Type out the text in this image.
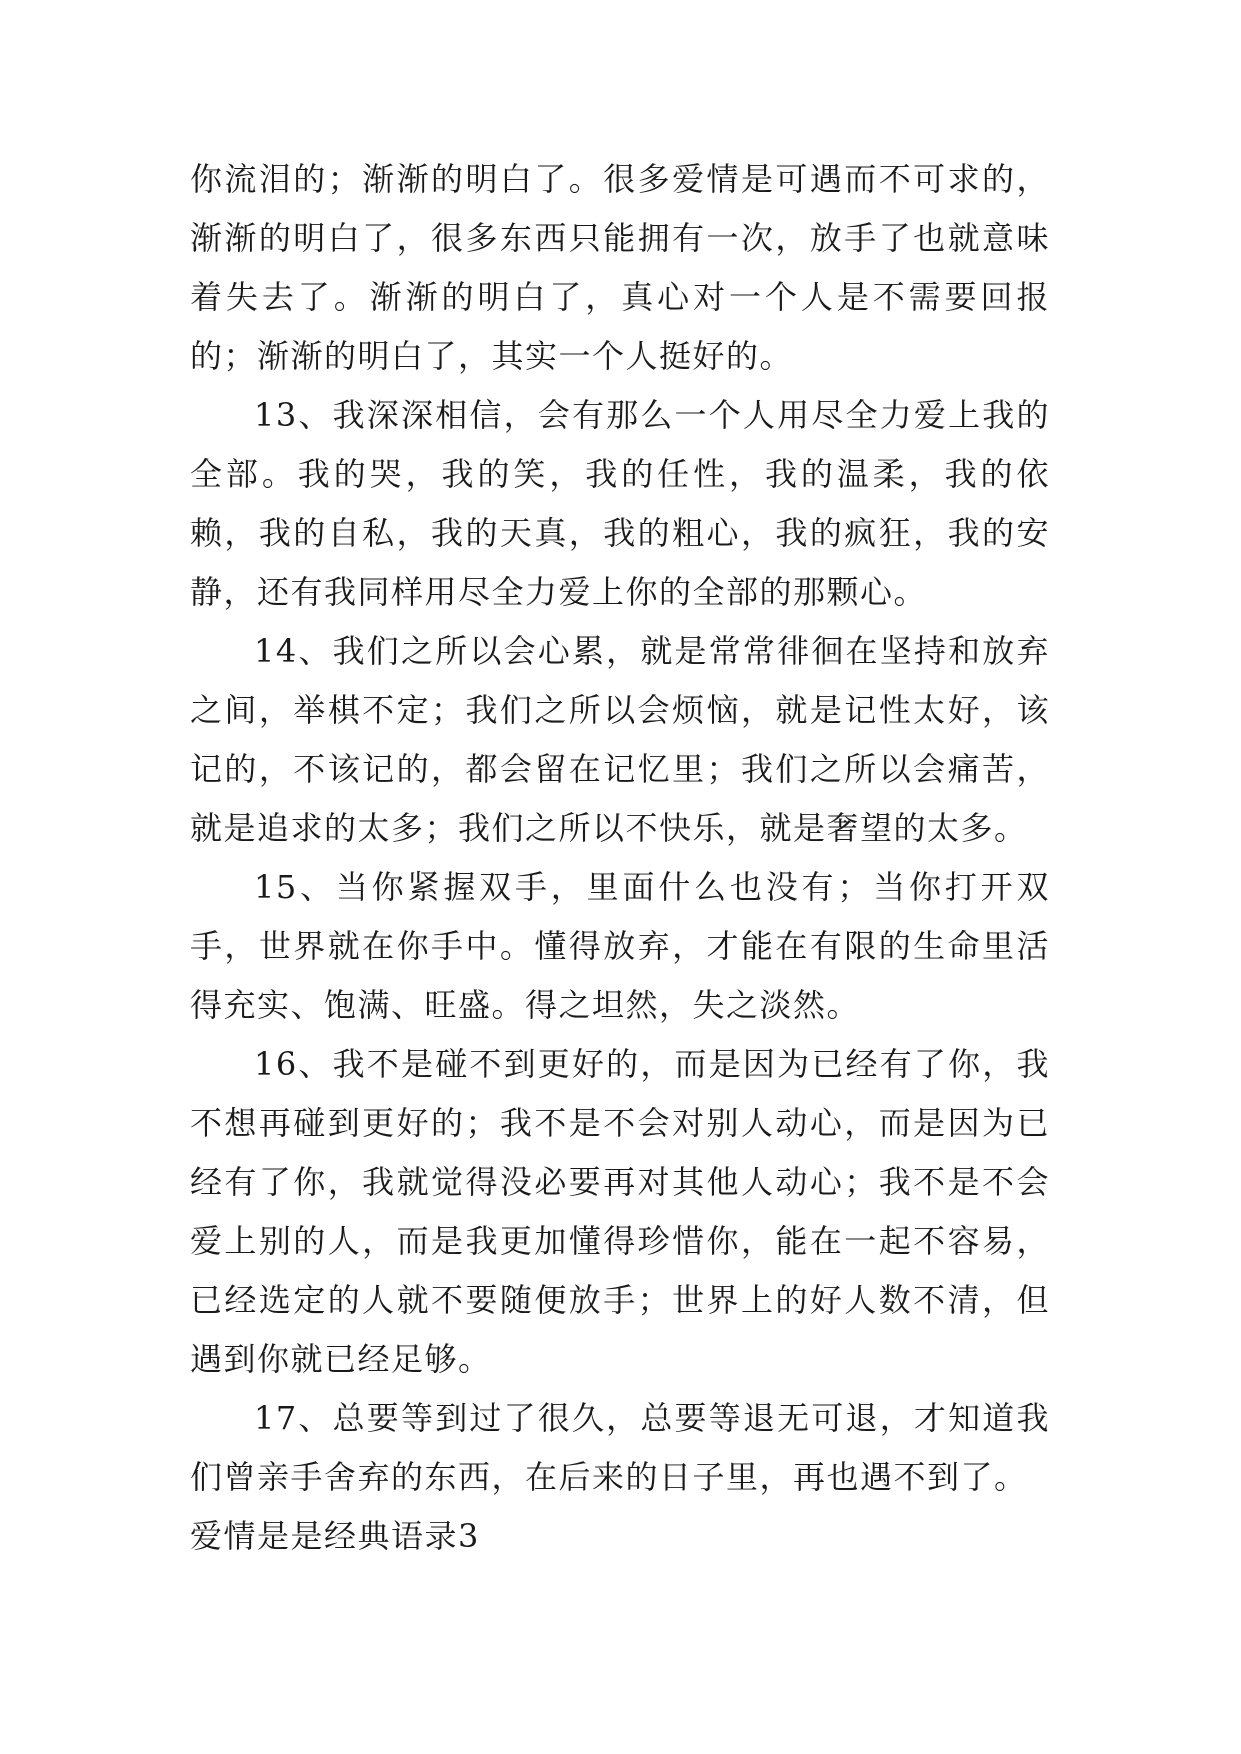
你流泪的；渐渐的明白了。很多爱情是可遇而不可求的，渐渐的明白了，很多东西只能拥有一次，放手了也就意味着失去了。渐渐的明白了，真心对一个人是不需要回报的；渐渐的明白了，其实一个人挺好的。

13、我深深相信，会有那么一个人用尽全力爱上我的全部。我的哭，我的笑，我的任性，我的温柔，我的依赖，我的自私，我的天真，我的粗心，我的疯狂，我的安静，还有我同样用尽全力爱上你的全部的那颗心。

14、我们之所以会心累，就是常常徘徊在坚持和放弃之间，举棋不定；我们之所以会烦恼，就是记性太好，该记的，不该记的，都会留在记忆里；我们之所以会痛苦，就是追求的太多；我们之所以不快乐，就是奢望的太多。

15、当你紧握双手，里面什么也没有；当你打开双手，世界就在你手中。懂得放弃，才能在有限的生命里活得充实、饱满、旺盛。得之坦然，失之淡然。

16、我不是碰不到更好的，而是因为已经有了你，我不想再碰到更好的；我不是不会对别人动心，而是因为已经有了你，我就觉得没必要再对其他人动心；我不是不会爱上别的人，而是我更加懂得珍惜你，能在一起不容易，已经选定的人就不要随便放手；世界上的好人数不清，但遇到你就已经足够。

17、总要等到过了很久，总要等退无可退，才知道我们曾亲手舍弃的东西，在后来的日子里，再也遇不到了。

爱情是是经典语录3
